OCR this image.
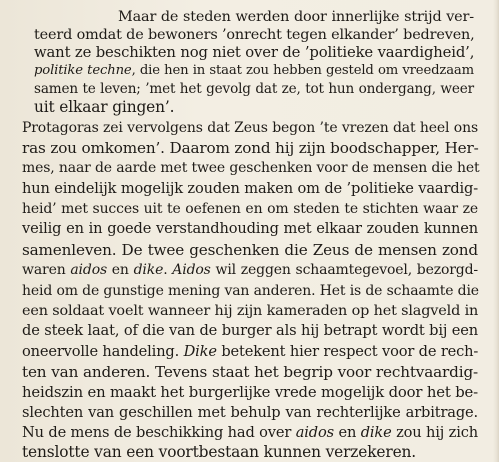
Maar de steden werden door innerlijke strijd ver-
teerd omdat de bewoners ’onrecht tegen elkander’ bedreven,
want ze beschikten nog niet over de ’politieke vaardigheid’,
politike techne, die hen in staat zou hebben gesteld om vreedzaam
samen te leven; ’met het gevolg dat ze, tot hun ondergang, weer
uit elkaar gingen’.
Protagoras zei vervolgens dat Zeus begon ’te vrezen dat heel ons
ras zou omkomen’. Daarom zond hij zijn boodschapper, Her-
mes, naar de aarde met twee geschenken voor de mensen die het
hun eindelijk mogelijk zouden maken om de ’politieke vaardig-
heid’ met succes uit te oefenen en om steden te stichten waar ze
veilig en in goede verstandhouding met elkaar zouden kunnen
samenleven. De twee geschenken die Zeus de mensen zond
waren aidos en dike. Aidos wil zeggen schaamtegevoel, bezorgd-
heid om de gunstige mening van anderen. Het is de schaamte die
een soldaat voelt wanneer hij zijn kameraden op het slagveld in
de steek laat, of die van de burger als hij betrapt wordt bij een
oneervolle handeling. Dike betekent hier respect voor de rech-
ten van anderen. Tevens staat het begrip voor rechtvaardig-
heidszin en maakt het burgerlijke vrede mogelijk door het be-
slechten van geschillen met behulp van rechterlijke arbitrage.
Nu de mens de beschikking had over aidos en dike zou hij zich
tenslotte van een voortbestaan kunnen verzekeren.
